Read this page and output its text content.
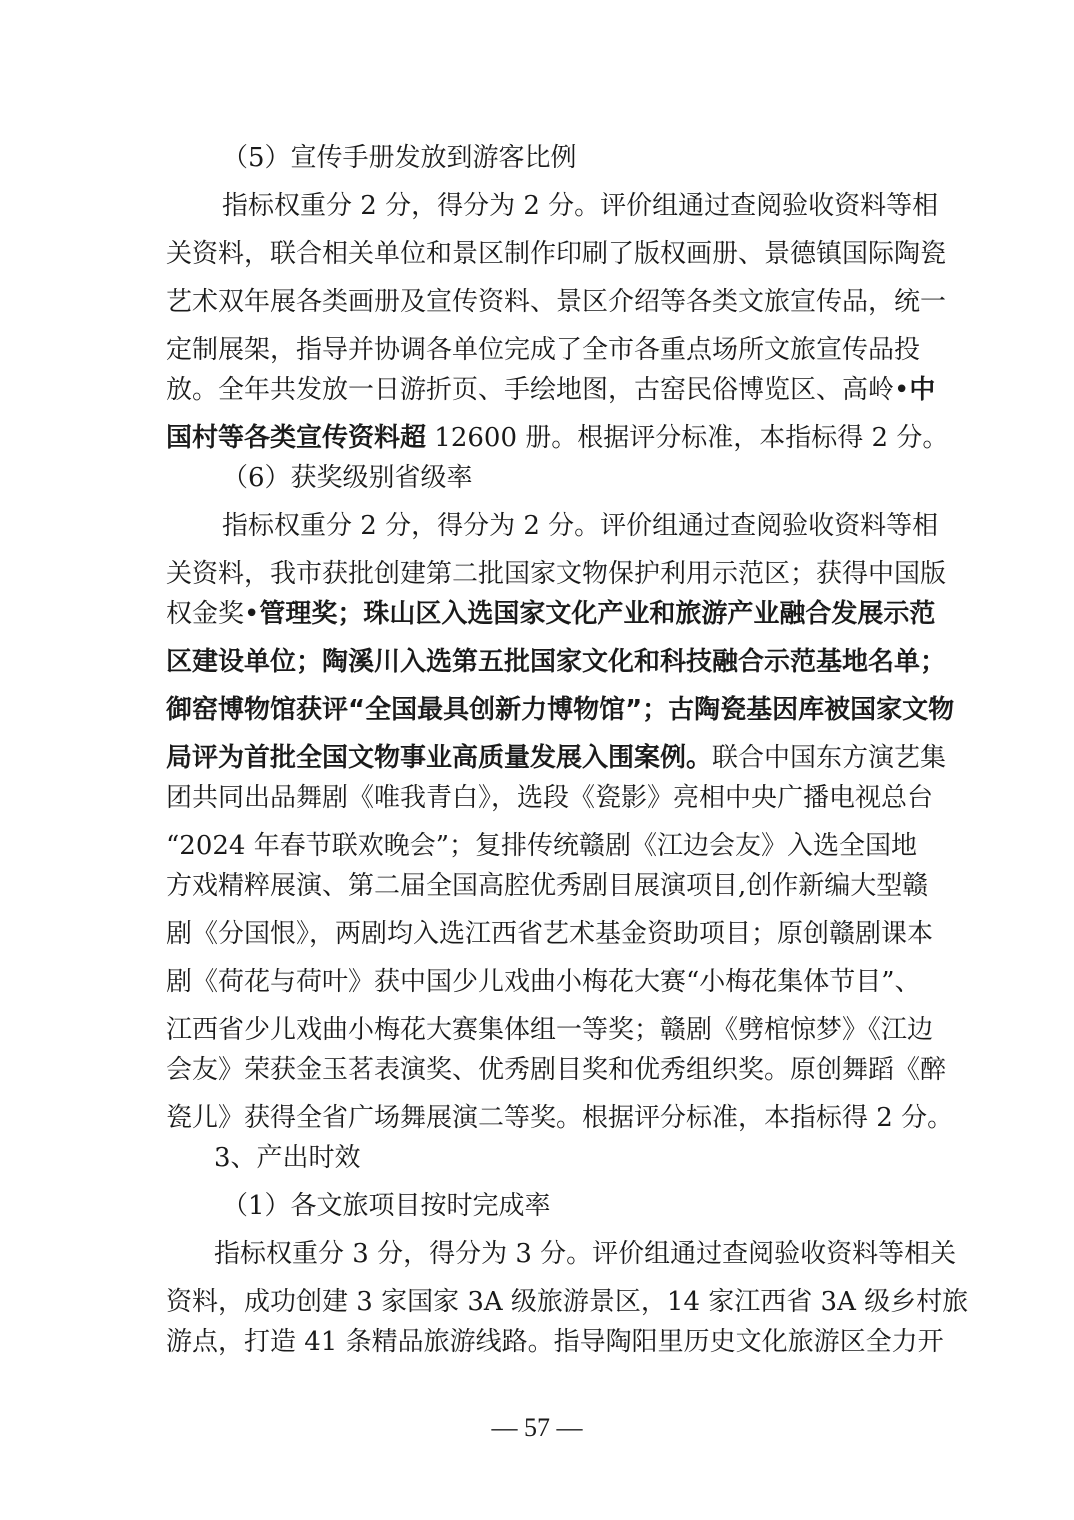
（5）宣传手册发放到游客比例
指标权重分 2 分，得分为 2 分。评价组通过查阅验收资料等相
关资料，联合相关单位和景区制作印刷了版权画册、景德镇国际陶瓷
艺术双年展各类画册及宣传资料、景区介绍等各类文旅宣传品，统一
定制展架，指导并协调各单位完成了全市各重点场所文旅宣传品投
放。全年共发放一日游折页、手绘地图，古窑民俗博览区、高岭•中
国村等各类宣传资料超 12600 册。根据评分标准，本指标得 2 分。
（6）获奖级别省级率
指标权重分 2 分，得分为 2 分。评价组通过查阅验收资料等相
关资料，我市获批创建第二批国家文物保护利用示范区；获得中国版
权金奖•管理奖；珠山区入选国家文化产业和旅游产业融合发展示范
区建设单位；陶溪川入选第五批国家文化和科技融合示范基地名单；
御窑博物馆获评“全国最具创新力博物馆”；古陶瓷基因库被国家文物
局评为首批全国文物事业高质量发展入围案例。联合中国东方演艺集
团共同出品舞剧《唯我青白》，选段《瓷影》亮相中央广播电视总台
“2024 年春节联欢晚会”；复排传统赣剧《江边会友》入选全国地
方戏精粹展演、第二届全国高腔优秀剧目展演项目,创作新编大型赣
剧《分国恨》，两剧均入选江西省艺术基金资助项目；原创赣剧课本
剧《荷花与荷叶》获中国少儿戏曲小梅花大赛“小梅花集体节目”、
江西省少儿戏曲小梅花大赛集体组一等奖；赣剧《劈棺惊梦》《江边
会友》荣获金玉茗表演奖、优秀剧目奖和优秀组织奖。原创舞蹈《醉
瓷儿》获得全省广场舞展演二等奖。根据评分标准，本指标得 2 分。
3、产出时效
（1）各文旅项目按时完成率
指标权重分 3 分，得分为 3 分。评价组通过查阅验收资料等相关
资料，成功创建 3 家国家 3A 级旅游景区，14 家江西省 3A 级乡村旅
游点，打造 41 条精品旅游线路。指导陶阳里历史文化旅游区全力开
— 57 —
